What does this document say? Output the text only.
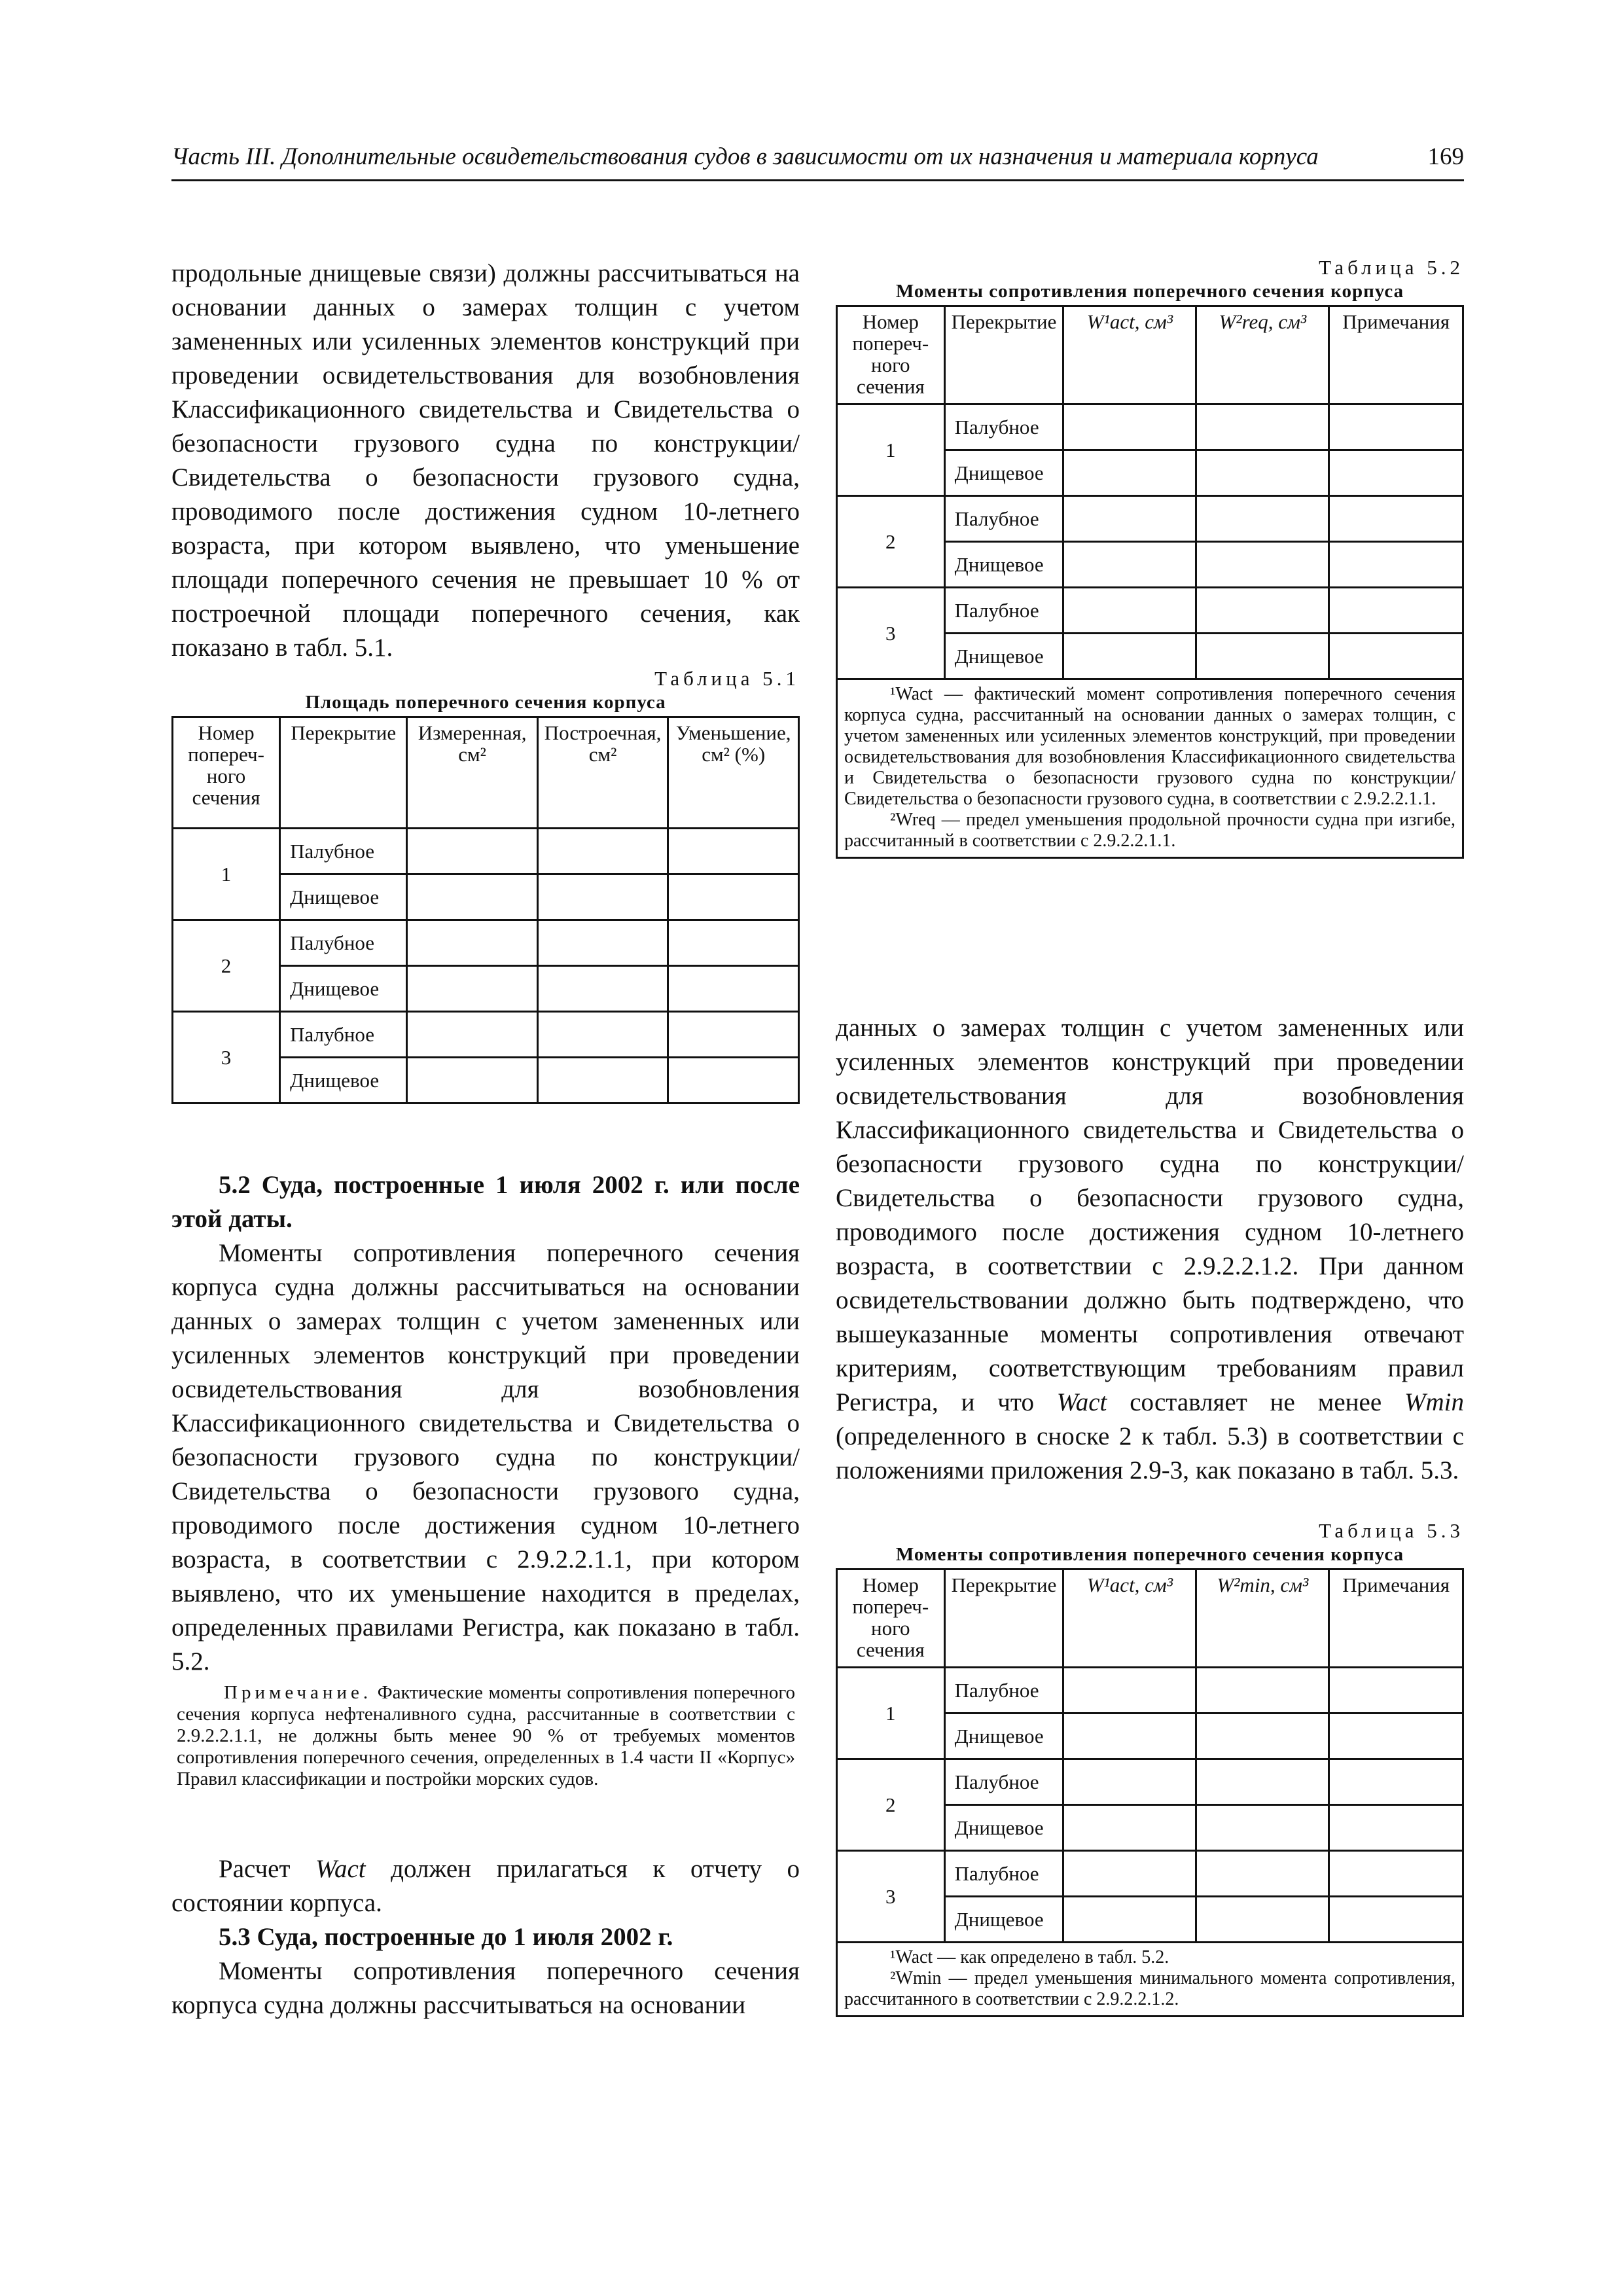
Часть III. Дополнительные освидетельствования судов в зависимости от их назначения и материала корпуса	169

продольные днищевые связи) должны рассчитываться на основании данных о замерах толщин с учетом замененных или усиленных элементов конструкций при проведении освидетельствования для возобновления Классификационного свидетельства и Свидетельства о безопасности грузового судна по конструкции/Свидетельства о безопасности грузового судна, проводимого после достижения судном 10-летнего возраста, при котором выявлено, что уменьшение площади поперечного сечения не превышает 10 % от построечной площади поперечного сечения, как показано в табл. 5.1.

Таблица 5.1
Площадь поперечного сечения корпуса
Номер попереч-ного сечения	Перекрытие	Измеренная, см²	Построечная, см²	Уменьшение, см² (%)
1	Палубное			
	Днищевое			
2	Палубное			
	Днищевое			
3	Палубное			
	Днищевое			

5.2 Суда, построенные 1 июля 2002 г. или после этой даты.

Моменты сопротивления поперечного сечения корпуса судна должны рассчитываться на основании данных о замерах толщин с учетом замененных или усиленных элементов конструкций при проведении освидетельствования для возобновления Классификационного свидетельства и Свидетельства о безопасности грузового судна по конструкции/ Свидетельства о безопасности грузового судна, проводимого после достижения судном 10-летнего возраста, в соответствии с 2.9.2.2.1.1, при котором выявлено, что их уменьшение находится в пределах, определенных правилами Регистра, как показано в табл. 5.2.

Примечание. Фактические моменты сопротивления поперечного сечения корпуса нефтеналивного судна, рассчитанные в соответствии с 2.9.2.2.1.1, не должны быть менее 90 % от требуемых моментов сопротивления поперечного сечения, определенных в 1.4 части II «Корпус» Правил классификации и постройки морских судов.

Расчет Wact должен прилагаться к отчету о состоянии корпуса.

5.3 Суда, построенные до 1 июля 2002 г.

Моменты сопротивления поперечного сечения корпуса судна должны рассчитываться на основании

Таблица 5.2
Моменты сопротивления поперечного сечения корпуса
Номер попереч-ного сечения	Перекрытие	W¹act, см³	W²req, см³	Примечания
1	Палубное			
	Днищевое			
2	Палубное			
	Днищевое			
3	Палубное			
	Днищевое			

¹Wact — фактический момент сопротивления поперечного сечения корпуса судна, рассчитанный на основании данных о замерах толщин, с учетом замененных или усиленных элементов конструкций, при проведении освидетельствования для возобновления Классификационного свидетельства и Свидетельства о безопасности грузового судна по конструкции/ Свидетельства о безопасности грузового судна, в соответствии с 2.9.2.2.1.1.
²Wreq — предел уменьшения продольной прочности судна при изгибе, рассчитанный в соответствии с 2.9.2.2.1.1.				

данных о замерах толщин с учетом замененных или усиленных элементов конструкций при проведении освидетельствования для возобновления Классификационного свидетельства и Свидетельства о безопасности грузового судна по конструкции/ Свидетельства о безопасности грузового судна, проводимого после достижения судном 10-летнего возраста, в соответствии с 2.9.2.2.1.2. При данном освидетельствовании должно быть подтверждено, что вышеуказанные моменты сопротивления отвечают критериям, соответствующим требованиям правил Регистра, и что Wact составляет не менее Wmin (определенного в сноске 2 к табл. 5.3) в соответствии с положениями приложения 2.9-3, как показано в табл. 5.3.

Таблица 5.3
Моменты сопротивления поперечного сечения корпуса
Номер попереч-ного сечения	Перекрытие	W¹act, см³	W²min, см³	Примечания
1	Палубное			
	Днищевое			
2	Палубное			
	Днищевое			
3	Палубное			
	Днищевое			

¹Wact — как определено в табл. 5.2.
²Wmin — предел уменьшения минимального момента сопротивления, рассчитанного в соответствии с 2.9.2.2.1.2.				
